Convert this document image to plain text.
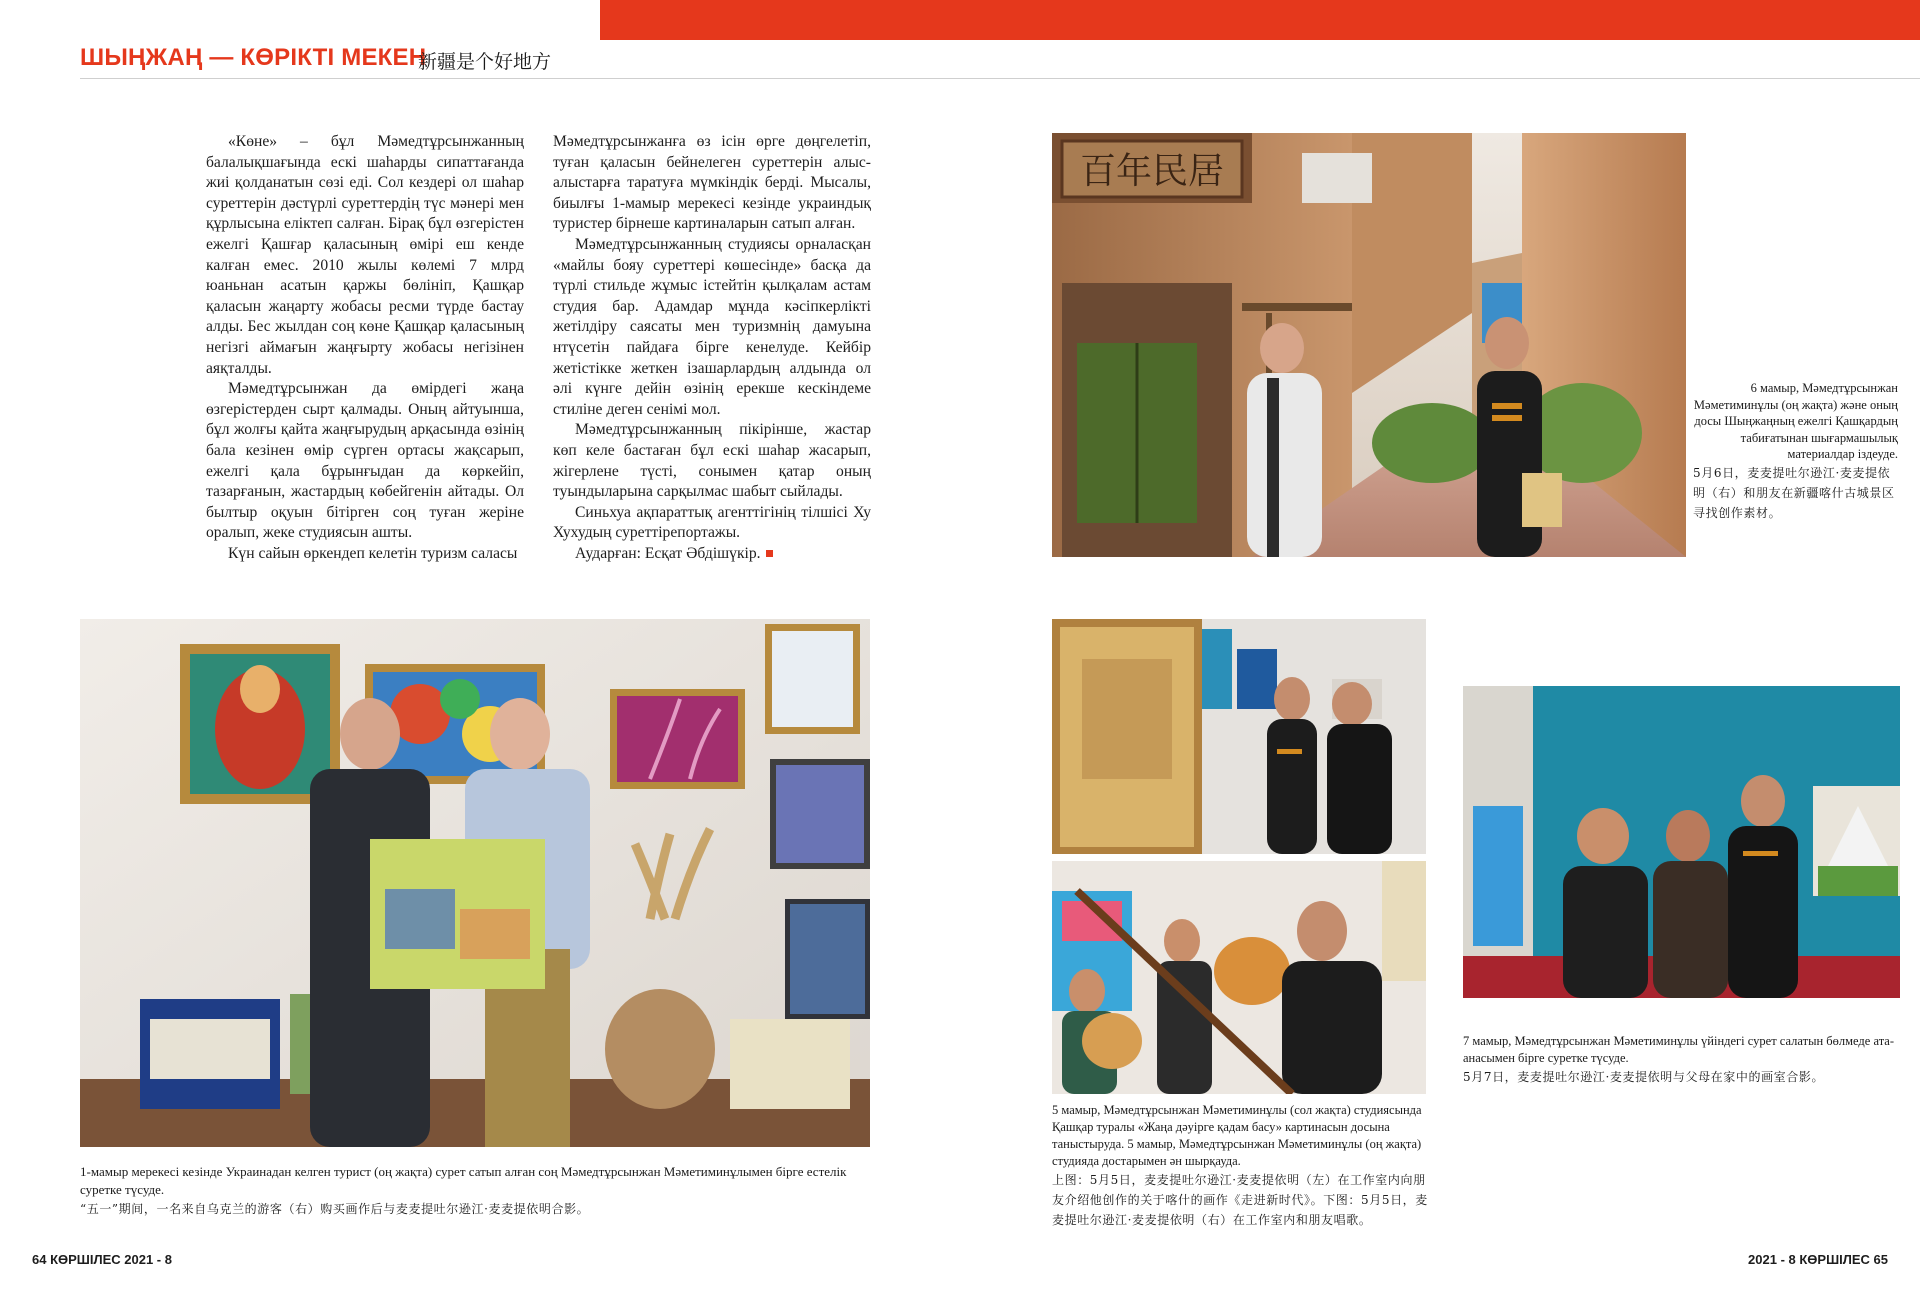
ШЫҢЖАҢ — КӨРІКТІ МЕКЕН
新疆是个好地方

«Көне» – бұл Мәмедтұрсынжанның балалықшағында ескі шаһарды сипаттағанда жиі қолданатын сөзі еді. Сол кездері ол шаһар суреттерін дәстүрлі суреттердің түс мәнері мен құрлысына еліктеп салған. Бірақ бұл өзгерістен ежелгі Қашғар қаласының өмірі еш кенде калған емес. 2010 жылы көлемі 7 млрд юаньнан асатын қаржы бөлініп, Қашқар қаласын жаңарту жобасы ресми түрде бастау алды. Бес жылдан соң көне Қашқар қаласының негізгі аймағын жаңғырту жобасы негізінен аяқталды.

Мәмедтұрсынжан да өмірдегі жаңа өзгерістерден сырт қалмады. Оның айтуынша, бұл жолғы қайта жаңғырудың арқасында өзінің бала кезінен өмір сүрген ортасы жақсарып, ежелгі қала бұрынғыдан да көркейіп, тазарғанын, жастардың көбейгенін айтады. Ол былтыр оқуын бітірген соң туған жеріне оралып, жеке студиясын ашты.

Күн сайын өркендеп келетін туризм саласы

Мәмедтұрсынжанға өз ісін өрге дөңгелетіп, туған қаласын бейнелеген суреттерін алыс-алыстарға таратуға мүмкіндік берді. Мысалы, биылғы 1-мамыр мерекесі кезінде украиндық туристер бірнеше картиналарын сатып алған.

Мәмедтұрсынжанның студиясы орналасқан «майлы бояу суреттері көшесінде» басқа да түрлі стильде жұмыс істейтін қылқалам астам студия бар. Адамдар мұнда кәсіпкерлікті жетілдіру саясаты мен туризмнің дамуына нтүсетін пайдаға бірге кенелуде. Кейбір жетістікке жеткен ізашарлардың алдында ол әлі күнге дейін өзінің ерекше кескіндеме стиліне деген сенімі мол.

Мәмедтұрсынжанның пікірінше, жастар көп келе бастаған бұл ескі шаһар жасарып, жігерлене түсті, сонымен қатар оның туындыларына сарқылмас шабыт сыйлады.

Синьхуа ақпараттық агенттігінің тілшісі Ху Хухудың суреттірепортажы.

Аударған: Есқат Әбдішүкір.

百年民居

6 мамыр, Мәмедтұрсынжан Мәметиминұлы (оң жақта) және оның досы Шыңжаңның ежелгі Қашқардың табиғатынан шығармашылық материалдар іздеуде.

5月6日，麦麦提吐尔逊江·麦麦提依明（右）和朋友在新疆喀什古城景区寻找创作素材。

1-мамыр мерекесі кезінде Украинадан келген турист (оң жақта) сурет сатып алған соң Мәмедтұрсынжан Мәметиминұлымен бірге естелік суретке түсуде.

“五一”期间，一名来自乌克兰的游客（右）购买画作后与麦麦提吐尔逊江·麦麦提依明合影。

5 мамыр, Мәмедтұрсынжан Мәметиминұлы (сол жақта) студиясында Қашқар туралы «Жаңа дәуірге қадам басу» картинасын досына таныстыруда. 5 мамыр, Мәмедтұрсынжан Мәметиминұлы (оң жақта) студияда достарымен ән шырқауда.

上图：5月5日，麦麦提吐尔逊江·麦麦提依明（左）在工作室内向朋友介绍他创作的关于喀什的画作《走进新时代》。下图：5月5日，麦麦提吐尔逊江·麦麦提依明（右）在工作室内和朋友唱歌。

7 мамыр, Мәмедтұрсынжан Мәметиминұлы үйіндегі сурет салатын бөлмеде ата-анасымен бірге суретке түсуде.

5月7日，麦麦提吐尔逊江·麦麦提依明与父母在家中的画室合影。

64 КӨРШІЛЕС 2021 - 8	2021 - 8 КӨРШІЛЕС 65
